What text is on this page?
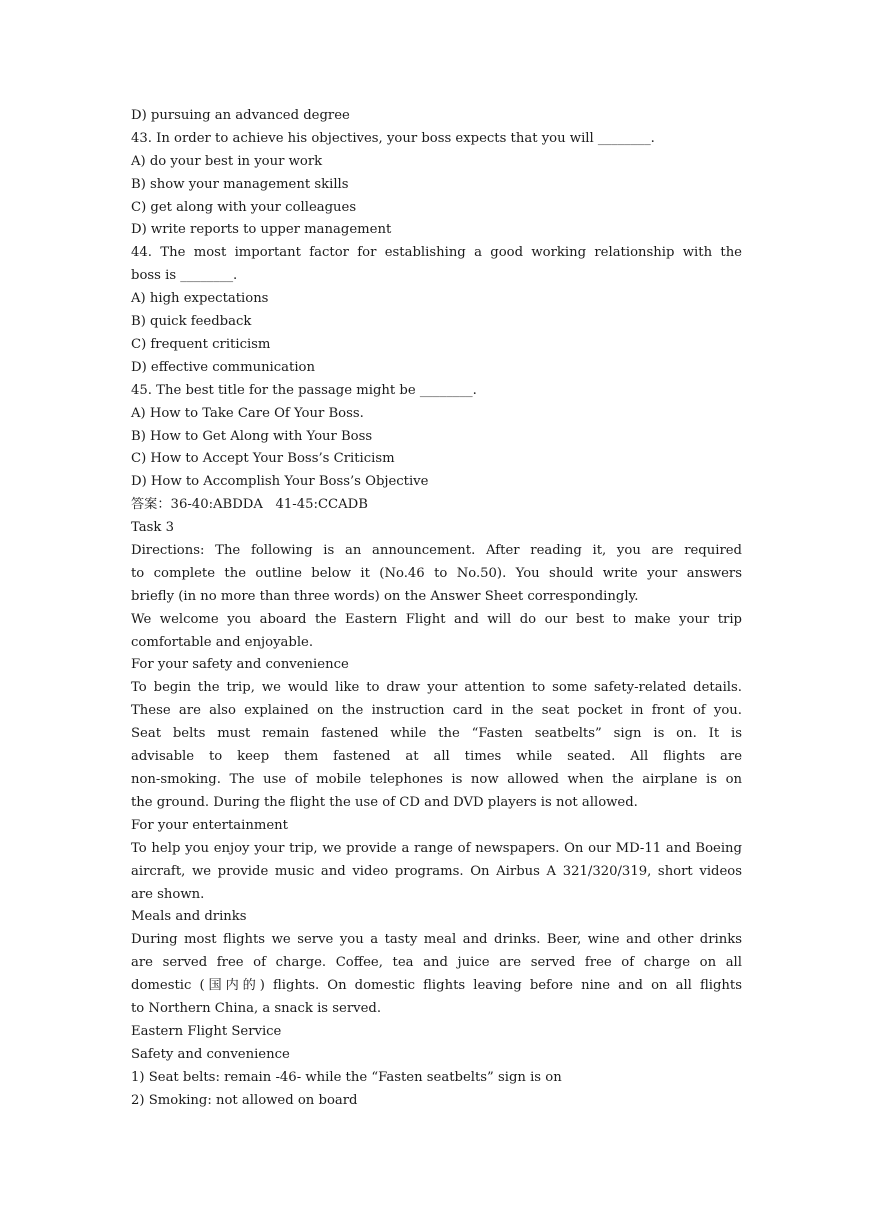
D) pursuing an advanced degree
43. In order to achieve his objectives, your boss expects that you will ________.
A) do your best in your work
B) show your management skills
C) get along with your colleagues
D) write reports to upper management
44. The most important factor for establishing a good working relationship with the
boss is ________.
A) high expectations
B) quick feedback
C) frequent criticism
D) effective communication
45. The best title for the passage might be ________.
A) How to Take Care Of Your Boss.
B) How to Get Along with Your Boss
C) How to Accept Your Boss’s Criticism
D) How to Accomplish Your Boss’s Objective
答案：36-40:ABDDA   41-45:CCADB
Task 3
Directions: The following is an announcement. After reading it, you are required
to complete the outline below it (No.46 to No.50). You should write your answers
briefly (in no more than three words) on the Answer Sheet correspondingly.
We welcome you aboard the Eastern Flight and will do our best to make your trip
comfortable and enjoyable.
For your safety and convenience
To begin the trip, we would like to draw your attention to some safety-related details.
These are also explained on the instruction card in the seat pocket in front of you.
Seat belts must remain fastened while the “Fasten seatbelts” sign is on. It is
advisable to keep them fastened at all times while seated. All flights are
non-smoking. The use of mobile telephones is now allowed when the airplane is on
the ground. During the flight the use of CD and DVD players is not allowed.
For your entertainment
To help you enjoy your trip, we provide a range of newspapers. On our MD-11 and Boeing
aircraft, we provide music and video programs. On Airbus A 321/320/319, short videos
are shown.
Meals and drinks
During most flights we serve you a tasty meal and drinks. Beer, wine and other drinks
are served free of charge. Coffee, tea and juice are served free of charge on all
domestic (国内的) flights. On domestic flights leaving before nine and on all flights
to Northern China, a snack is served.
Eastern Flight Service
Safety and convenience
1) Seat belts: remain -46- while the “Fasten seatbelts” sign is on
2) Smoking: not allowed on board
